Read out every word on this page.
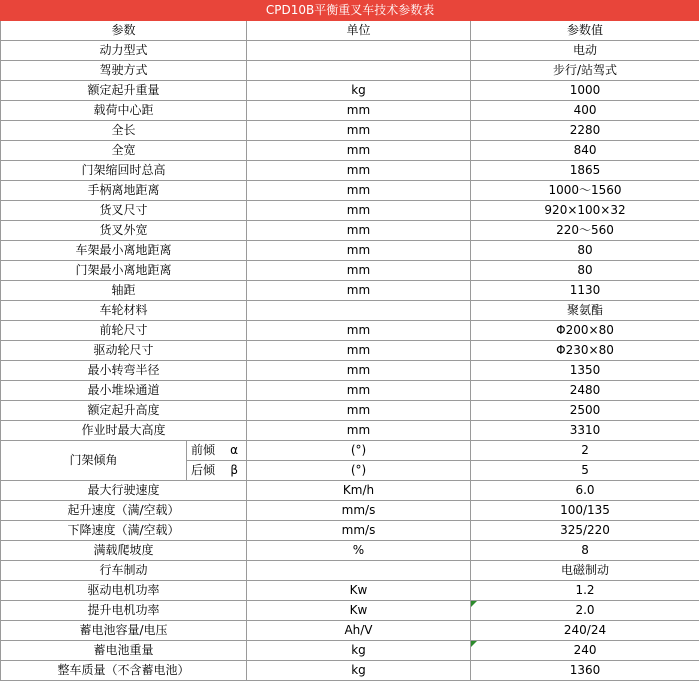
CPD10B平衡重叉车技术参数表			
参数		单位	参数值
动力型式			电动
驾驶方式			步行/站驾式
额定起升重量		kg	1000
载荷中心距		mm	400
全长		mm	2280
全宽		mm	840
门架缩回时总高		mm	1865
手柄离地距离		mm	1000～1560
货叉尺寸		mm	920×100×32
货叉外宽		mm	220～560
车架最小离地距离		mm	80
门架最小离地距离		mm	80
轴距		mm	1130
车轮材料			聚氨酯
前轮尺寸		mm	Φ200×80
驱动轮尺寸		mm	Φ230×80
最小转弯半径		mm	1350
最小堆垛通道		mm	2480
额定起升高度		mm	2500
作业时最大高度		mm	3310
门架倾角	前倾 α	(°)	2

	后倾 β	(°)	5
最大行驶速度		Km/h	6.0
起升速度（满/空载）		mm/s	100/135
下降速度（满/空载）		mm/s	325/220
满载爬坡度		%	8
行车制动			电磁制动
驱动电机功率		Kw	1.2
提升电机功率		Kw	2.0

蓄电池容量/电压		Ah/V	240/24
蓄电池重量		kg	240

整车质量（不含蓄电池）		kg	1360
